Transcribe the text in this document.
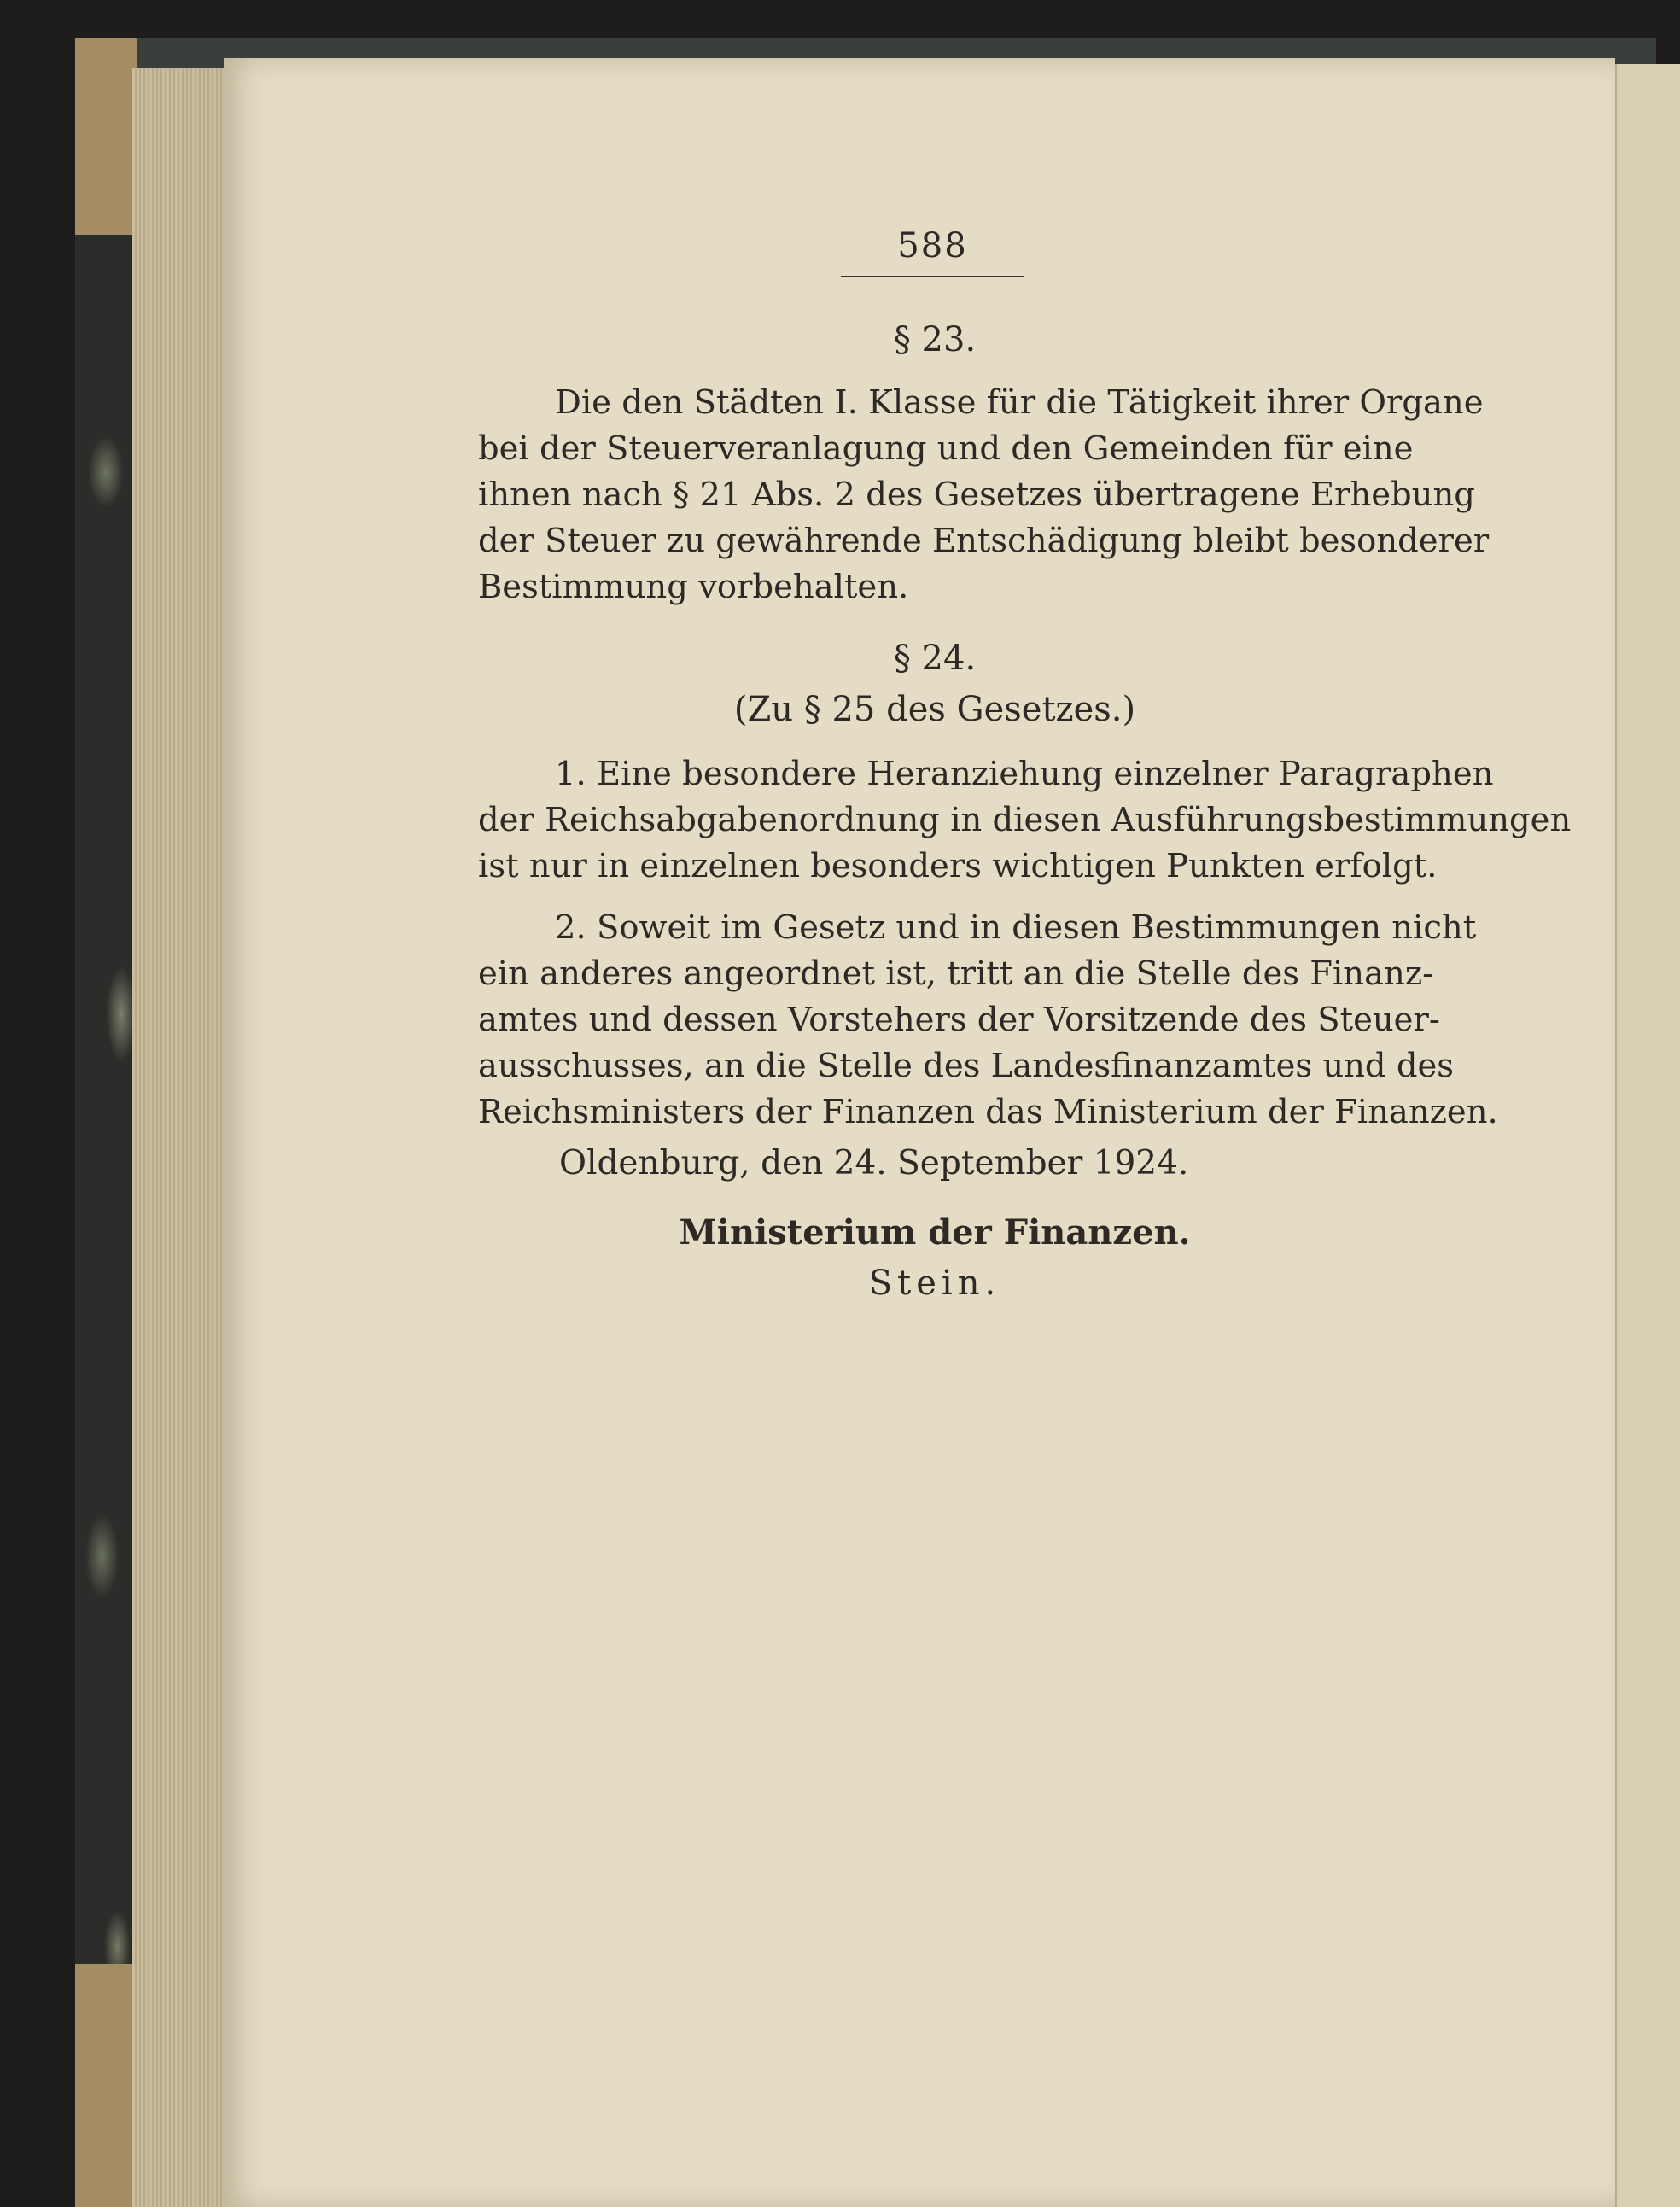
588
§ 23.
Die den Städten I. Klasse für die Tätigkeit ihrer Organe
bei der Steuerveranlagung und den Gemeinden für eine
ihnen nach § 21 Abs. 2 des Gesetzes übertragene Erhebung
der Steuer zu gewährende Entschädigung bleibt besonderer
Bestimmung vorbehalten.
§ 24.
(Zu § 25 des Gesetzes.)
1. Eine besondere Heranziehung einzelner Paragraphen
der Reichsabgabenordnung in diesen Ausführungsbestimmungen
ist nur in einzelnen besonders wichtigen Punkten erfolgt.
2. Soweit im Gesetz und in diesen Bestimmungen nicht
ein anderes angeordnet ist, tritt an die Stelle des Finanz-
amtes und dessen Vorstehers der Vorsitzende des Steuer-
ausschusses, an die Stelle des Landesfinanzamtes und des
Reichsministers der Finanzen das Ministerium der Finanzen.
Oldenburg, den 24. September 1924.
Ministerium der Finanzen.
Stein.
